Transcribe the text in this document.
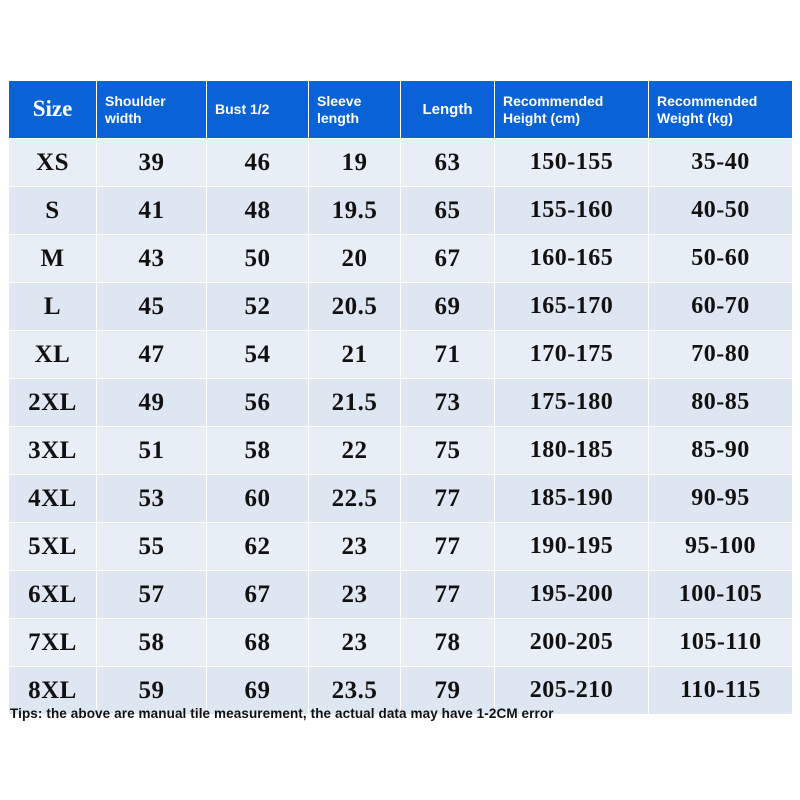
Size	Shoulder width	Bust 1/2	Sleeve length	Length	Recommended Height (cm)	Recommended Weight (kg)
XS	39	46	19	63	150-155	35-40
S	41	48	19.5	65	155-160	40-50
M	43	50	20	67	160-165	50-60
L	45	52	20.5	69	165-170	60-70
XL	47	54	21	71	170-175	70-80
2XL	49	56	21.5	73	175-180	80-85
3XL	51	58	22	75	180-185	85-90
4XL	53	60	22.5	77	185-190	90-95
5XL	55	62	23	77	190-195	95-100
6XL	57	67	23	77	195-200	100-105
7XL	58	68	23	78	200-205	105-110
8XL	59	69	23.5	79	205-210	110-115
Tips: the above are manual tile measurement, the actual data may have 1-2CM error
